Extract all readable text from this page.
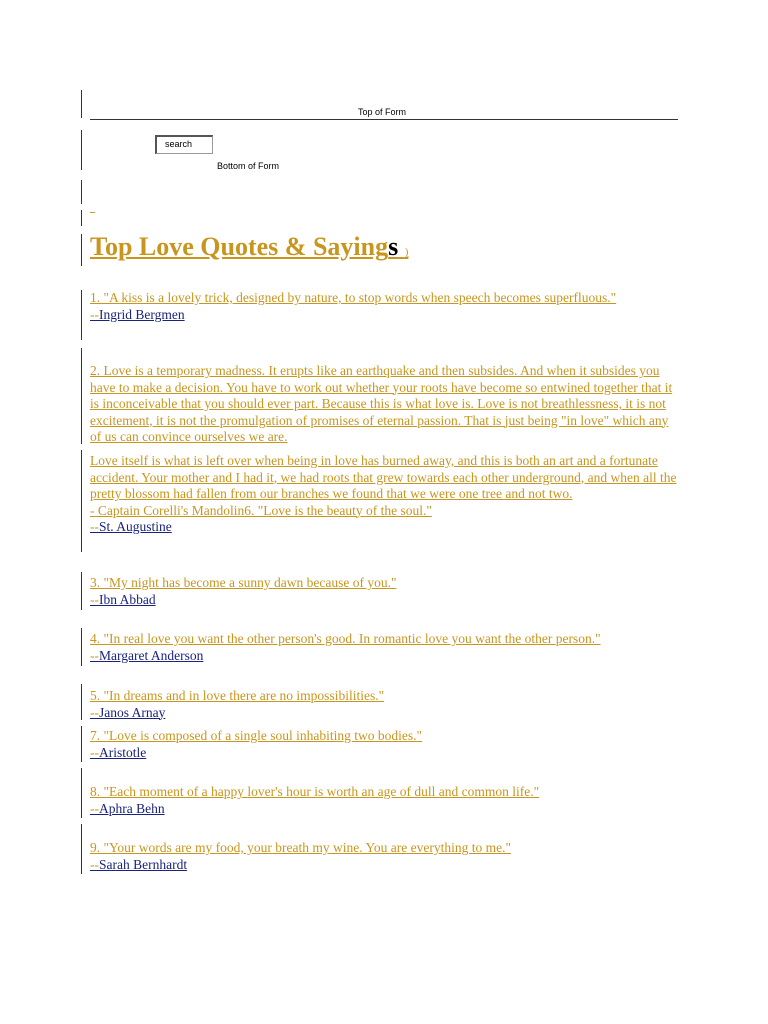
Top of Form
search
Bottom of Form
Top Love Quotes & Sayings )
1. "A kiss is a lovely trick, designed by nature, to stop words when speech becomes superfluous."
--Ingrid Bergmen
2. Love is a temporary madness. It erupts like an earthquake and then subsides. And when it subsides you have to make a decision. You have to work out whether your roots have become so entwined together that it is inconceivable that you should ever part. Because this is what love is. Love is not breathlessness, it is not excitement, it is not the promulgation of promises of eternal passion. That is just being "in love" which any of us can convince ourselves we are.
Love itself is what is left over when being in love has burned away, and this is both an art and a fortunate accident. Your mother and I had it, we had roots that grew towards each other underground, and when all the pretty blossom had fallen from our branches we found that we were one tree and not two.
- Captain Corelli's Mandolin6. "Love is the beauty of the soul."
--St. Augustine
3. "My night has become a sunny dawn because of you."
--Ibn Abbad
4. "In real love you want the other person's good. In romantic love you want the other person."
--Margaret Anderson
5. "In dreams and in love there are no impossibilities."
--Janos Arnay
7. "Love is composed of a single soul inhabiting two bodies."
--Aristotle
8. "Each moment of a happy lover's hour is worth an age of dull and common life."
--Aphra Behn
9. "Your words are my food, your breath my wine. You are everything to me."
--Sarah Bernhardt
